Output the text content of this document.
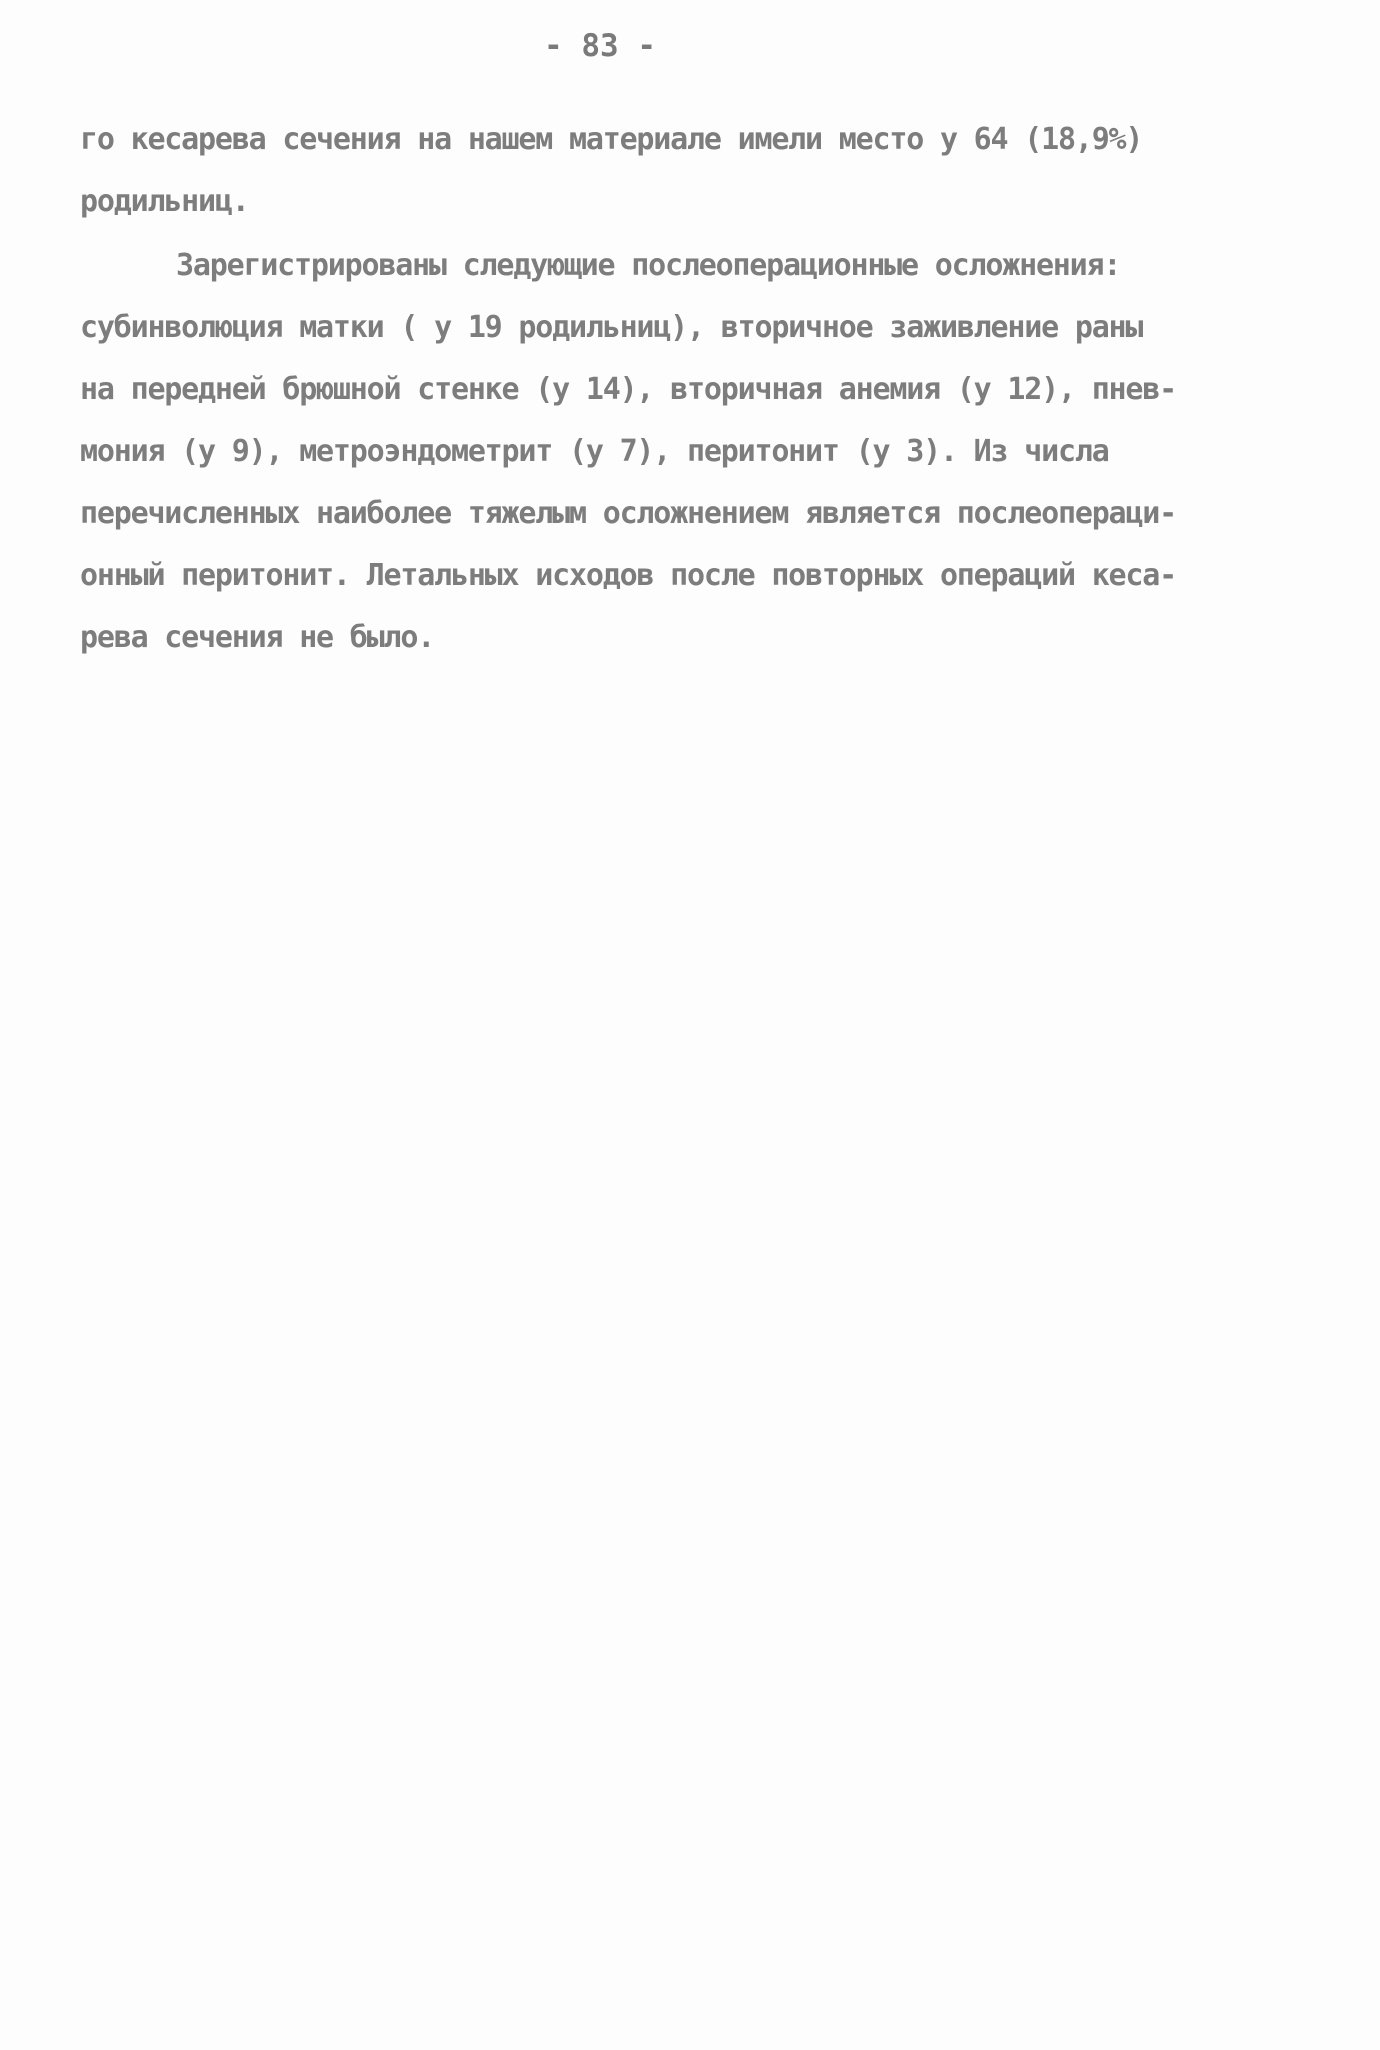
- 83 -
го кесарева сечения на нашем материале имели место у 64 (18,9%)
родильниц.
Зарегистрированы следующие послеоперационные осложнения:
субинволюция матки ( у 19 родильниц), вторичное заживление раны
на передней брюшной стенке (у 14), вторичная анемия (у 12), пнев-
мония (у 9), метроэндометрит (у 7), перитонит (у 3). Из числа
перечисленных наиболее тяжелым осложнением является послеопераци-
онный перитонит. Летальных исходов после повторных операций кеса-
рева сечения не было.
